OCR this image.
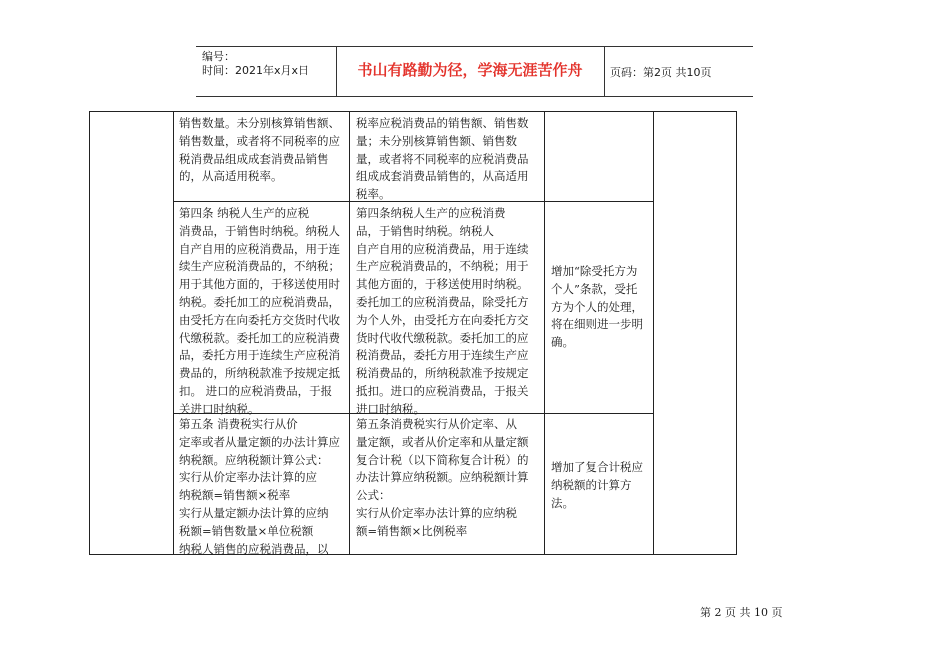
编号：
时间：2021年x月x日	书山有路勤为径，学海无涯苦作舟	页码：第2页 共10页

销售数量。未分别核算销售额、

销售数量，或者将不同税率的应

税消费品组成成套消费品销售

的，从高适用税率。

税率应税消费品的销售额、销售数

量；未分别核算销售额、销售数

量，或者将不同税率的应税消费品

组成成套消费品销售的，从高适用

税率。

第四条 纳税人生产的应税

消费品，于销售时纳税。纳税人

自产自用的应税消费品，用于连

续生产应税消费品的，不纳税；

用于其他方面的，于移送使用时

纳税。委托加工的应税消费品，

由受托方在向委托方交货时代收

代缴税款。委托加工的应税消费

品，委托方用于连续生产应税消

费品的，所纳税款准予按规定抵

扣。 进口的应税消费品，于报

关进口时纳税。

第四条纳税人生产的应税消费

品，于销售时纳税。纳税人

自产自用的应税消费品，用于连续

生产应税消费品的，不纳税；用于

其他方面的，于移送使用时纳税。

委托加工的应税消费品，除受托方

为个人外，由受托方在向委托方交

货时代收代缴税款。委托加工的应

税消费品，委托方用于连续生产应

税消费品的，所纳税款准予按规定

抵扣。进口的应税消费品，于报关

进口时纳税。

增加“除受托方为

个人”条款，受托

方为个人的处理，

将在细则进一步明

确。

第五条 消费税实行从价

定率或者从量定额的办法计算应

纳税额。应纳税额计算公式：

实行从价定率办法计算的应

纳税额=销售额×税率

实行从量定额办法计算的应纳

税额=销售数量×单位税额

纳税人销售的应税消费品，以

第五条消费税实行从价定率、从

量定额，或者从价定率和从量定额

复合计税（以下简称复合计税）的

办法计算应纳税额。应纳税额计算

公式：

实行从价定率办法计算的应纳税

额=销售额×比例税率

增加了复合计税应

纳税额的计算方

法。

第 2 页 共 10 页
